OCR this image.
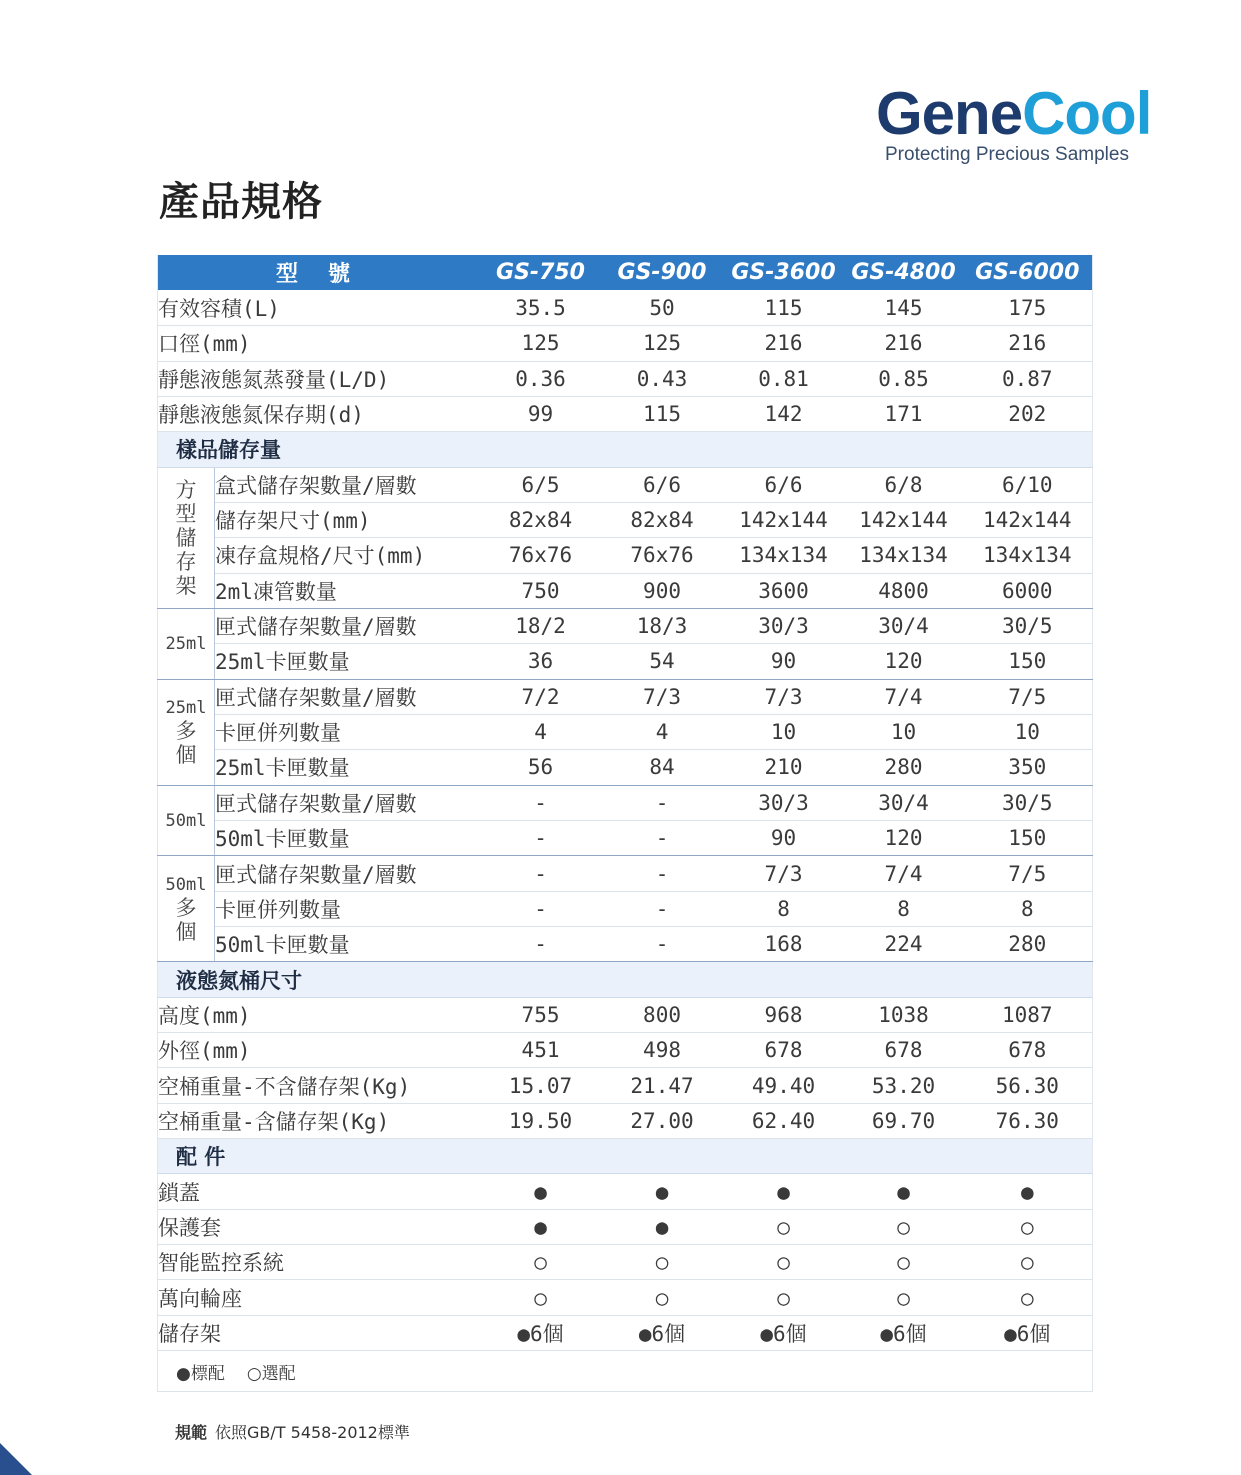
GeneCool
Protecting Precious Samples
產品規格
型號		GS-750	GS-900	GS-3600	GS-4800	GS-6000
有效容積(L)		35.5	50	115	145	175
口徑(mm)		125	125	216	216	216
靜態液態氮蒸發量(L/D)		0.36	0.43	0.81	0.85	0.87
靜態液態氮保存期(d)		99	115	142	171	202
樣品儲存量						

方
型
儲
存
架	盒式儲存架數量/層數	6/5	6/6	6/6	6/8	6/10
	儲存架尺寸(mm)	82x84	82x84	142x144	142x144	142x144
	凍存盒規格/尺寸(mm)	76x76	76x76	134x134	134x134	134x134
	2ml凍管數量	750	900	3600	4800	6000
25ml	匣式儲存架數量/層數	18/2	18/3	30/3	30/4	30/5
	25ml卡匣數量	36	54	90	120	150

25ml
多
個	匣式儲存架數量/層數	7/2	7/3	7/3	7/4	7/5
	卡匣併列數量	4	4	10	10	10
	25ml卡匣數量	56	84	210	280	350
50ml	匣式儲存架數量/層數	-	-	30/3	30/4	30/5
	50ml卡匣數量	-	-	90	120	150

50ml
多
個	匣式儲存架數量/層數	-	-	7/3	7/4	7/5
	卡匣併列數量	-	-	8	8	8
	50ml卡匣數量	-	-	168	224	280
液態氮桶尺寸						
高度(mm)		755	800	968	1038	1087
外徑(mm)		451	498	678	678	678
空桶重量-不含儲存架(Kg)		15.07	21.47	49.40	53.20	56.30
空桶重量-含儲存架(Kg)		19.50	27.00	62.40	69.70	76.30
配 件						
鎖蓋		●	●	●	●	●
保護套		●	●	○	○	○
智能監控系統		○	○	○	○	○
萬向輪座		○	○	○	○	○
儲存架		●6個	●6個	●6個	●6個	●6個
●標配 ○選配						
規範 依照GB/T 5458-2012標準
